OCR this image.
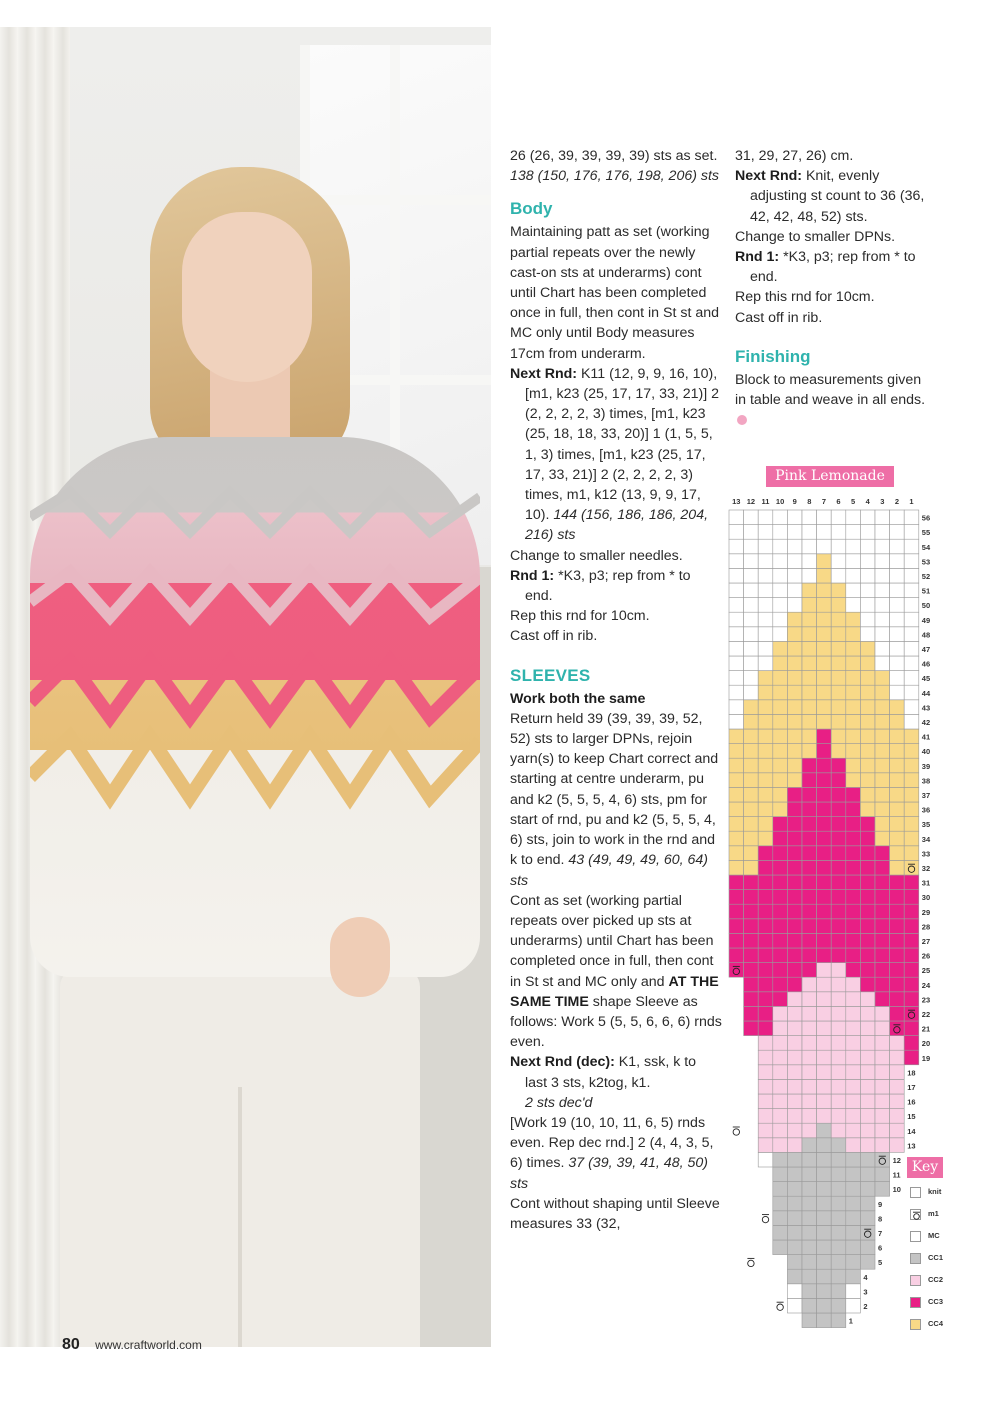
26 (26, 39, 39, 39, 39) sts as set. 138 (150, 176, 176, 198, 206) sts

Body

Maintaining patt as set (working partial repeats over the newly cast-on sts at underarms) cont until Chart has been completed once in full, then cont in St st and MC only until Body measures 17cm from underarm.

Next Rnd: K11 (12, 9, 9, 16, 10), [m1, k23 (25, 17, 17, 33, 21)] 2 (2, 2, 2, 2, 3) times, [m1, k23 (25, 18, 18, 33, 20)] 1 (1, 5, 5, 1, 3) times, [m1, k23 (25, 17, 17, 33, 21)] 2 (2, 2, 2, 2, 3) times, m1, k12 (13, 9, 9, 17, 10). 144 (156, 186, 186, 204, 216) sts

Change to smaller needles.

Rnd 1: *K3, p3; rep from * to end.

Rep this rnd for 10cm.

Cast off in rib.

SLEEVES

Work both the same

Return held 39 (39, 39, 39, 52, 52) sts to larger DPNs, rejoin yarn(s) to keep Chart correct and starting at centre underarm, pu and k2 (5, 5, 5, 4, 6) sts, pm for start of rnd, pu and k2 (5, 5, 5, 4, 6) sts, join to work in the rnd and k to end. 43 (49, 49, 49, 60, 64) sts

Cont as set (working partial repeats over picked up sts at underarms) until Chart has been completed once in full, then cont in St st and MC only and AT THE SAME TIME shape Sleeve as follows: Work 5 (5, 5, 6, 6, 6) rnds even.

Next Rnd (dec): K1, ssk, k to last 3 sts, k2tog, k1.
2 sts dec'd

[Work 19 (10, 10, 11, 6, 5) rnds even. Rep dec rnd.] 2 (4, 4, 3, 5, 6) times. 37 (39, 39, 41, 48, 50) sts

Cont without shaping until Sleeve measures 33 (32,

31, 29, 27, 26) cm.

Next Rnd: Knit, evenly adjusting st count to 36 (36, 42, 42, 48, 52) sts.

Change to smaller DPNs.

Rnd 1: *K3, p3; rep from * to end.

Rep this rnd for 10cm.

Cast off in rib.

Finishing

Block to measurements given in table and weave in all ends.

Pink Lemonade
13 12 11 10 9 8 7 6 5 4 3 2 1
1
2
3
4
5
6
7
8
9
10
11
12
13
14
15
16
17
18
19
20
21
22
23
24
25
26
27
28
29
30
31
32
33
34
35
36
37
38
39
40
41
42
43
44
45
46
47
48
49
50
51
52
53
54
55
56
Key
knit
m1
MC
CC1
CC2
CC3
CC4
80 www.craftworld.com
